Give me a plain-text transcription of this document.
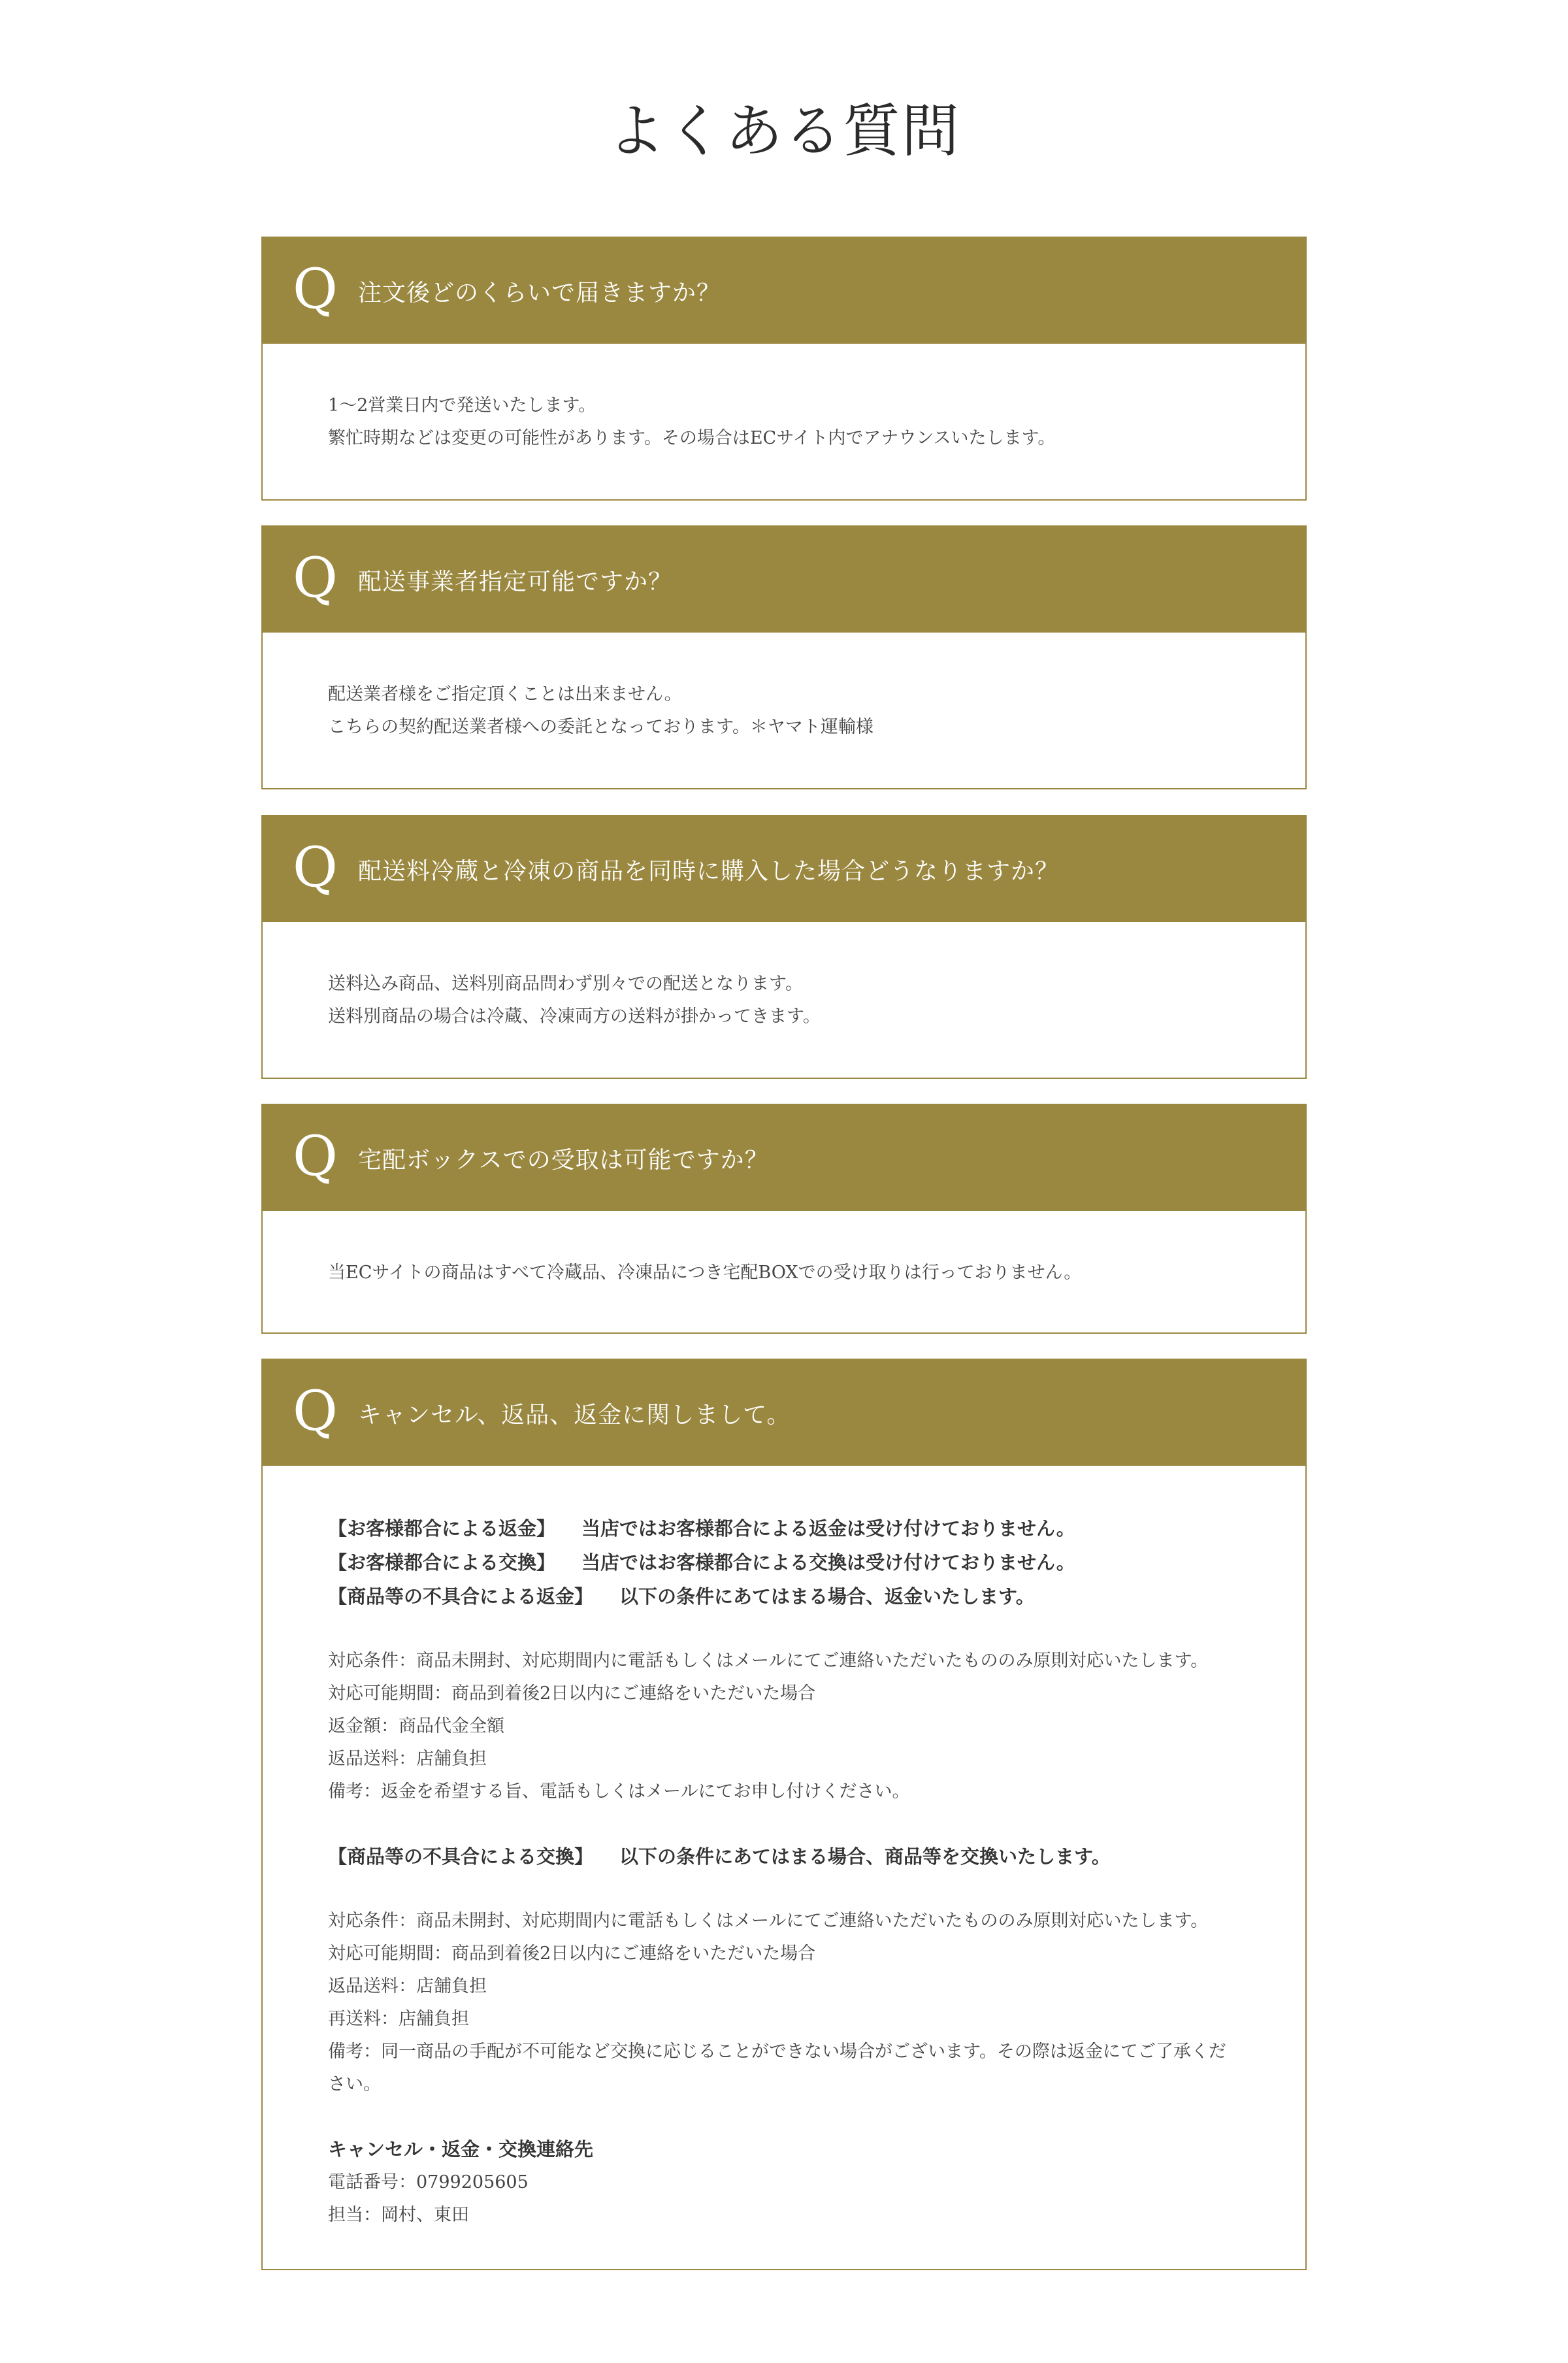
よくある質問
Q 注文後どのくらいで届きますか？

1〜2営業日内で発送いたします。

繁忙時期などは変更の可能性があります。その場合はECサイト内でアナウンスいたします。

Q 配送事業者指定可能ですか？

配送業者様をご指定頂くことは出来ません。

こちらの契約配送業者様への委託となっております。＊ヤマト運輸様

Q 配送料冷蔵と冷凍の商品を同時に購入した場合どうなりますか？

送料込み商品、送料別商品問わず別々での配送となります。

送料別商品の場合は冷蔵、冷凍両方の送料が掛かってきます。

Q 宅配ボックスでの受取は可能ですか？

当ECサイトの商品はすべて冷蔵品、冷凍品につき宅配BOXでの受け取りは行っておりません。

Q キャンセル、返品、返金に関しまして。

【お客様都合による返金】 当店ではお客様都合による返金は受け付けておりません。

【お客様都合による交換】 当店ではお客様都合による交換は受け付けておりません。

【商品等の不具合による返金】 以下の条件にあてはまる場合、返金いたします。

対応条件：商品未開封、対応期間内に電話もしくはメールにてご連絡いただいたもののみ原則対応いたします。

対応可能期間：商品到着後2日以内にご連絡をいただいた場合

返金額：商品代金全額

返品送料：店舗負担

備考：返金を希望する旨、電話もしくはメールにてお申し付けください。

【商品等の不具合による交換】 以下の条件にあてはまる場合、商品等を交換いたします。

対応条件：商品未開封、対応期間内に電話もしくはメールにてご連絡いただいたもののみ原則対応いたします。

対応可能期間：商品到着後2日以内にご連絡をいただいた場合

返品送料：店舗負担

再送料：店舗負担

備考：同一商品の手配が不可能など交換に応じることができない場合がございます。その際は返金にてご了承ください。

キャンセル・返金・交換連絡先

電話番号：0799205605

担当：岡村、東田
